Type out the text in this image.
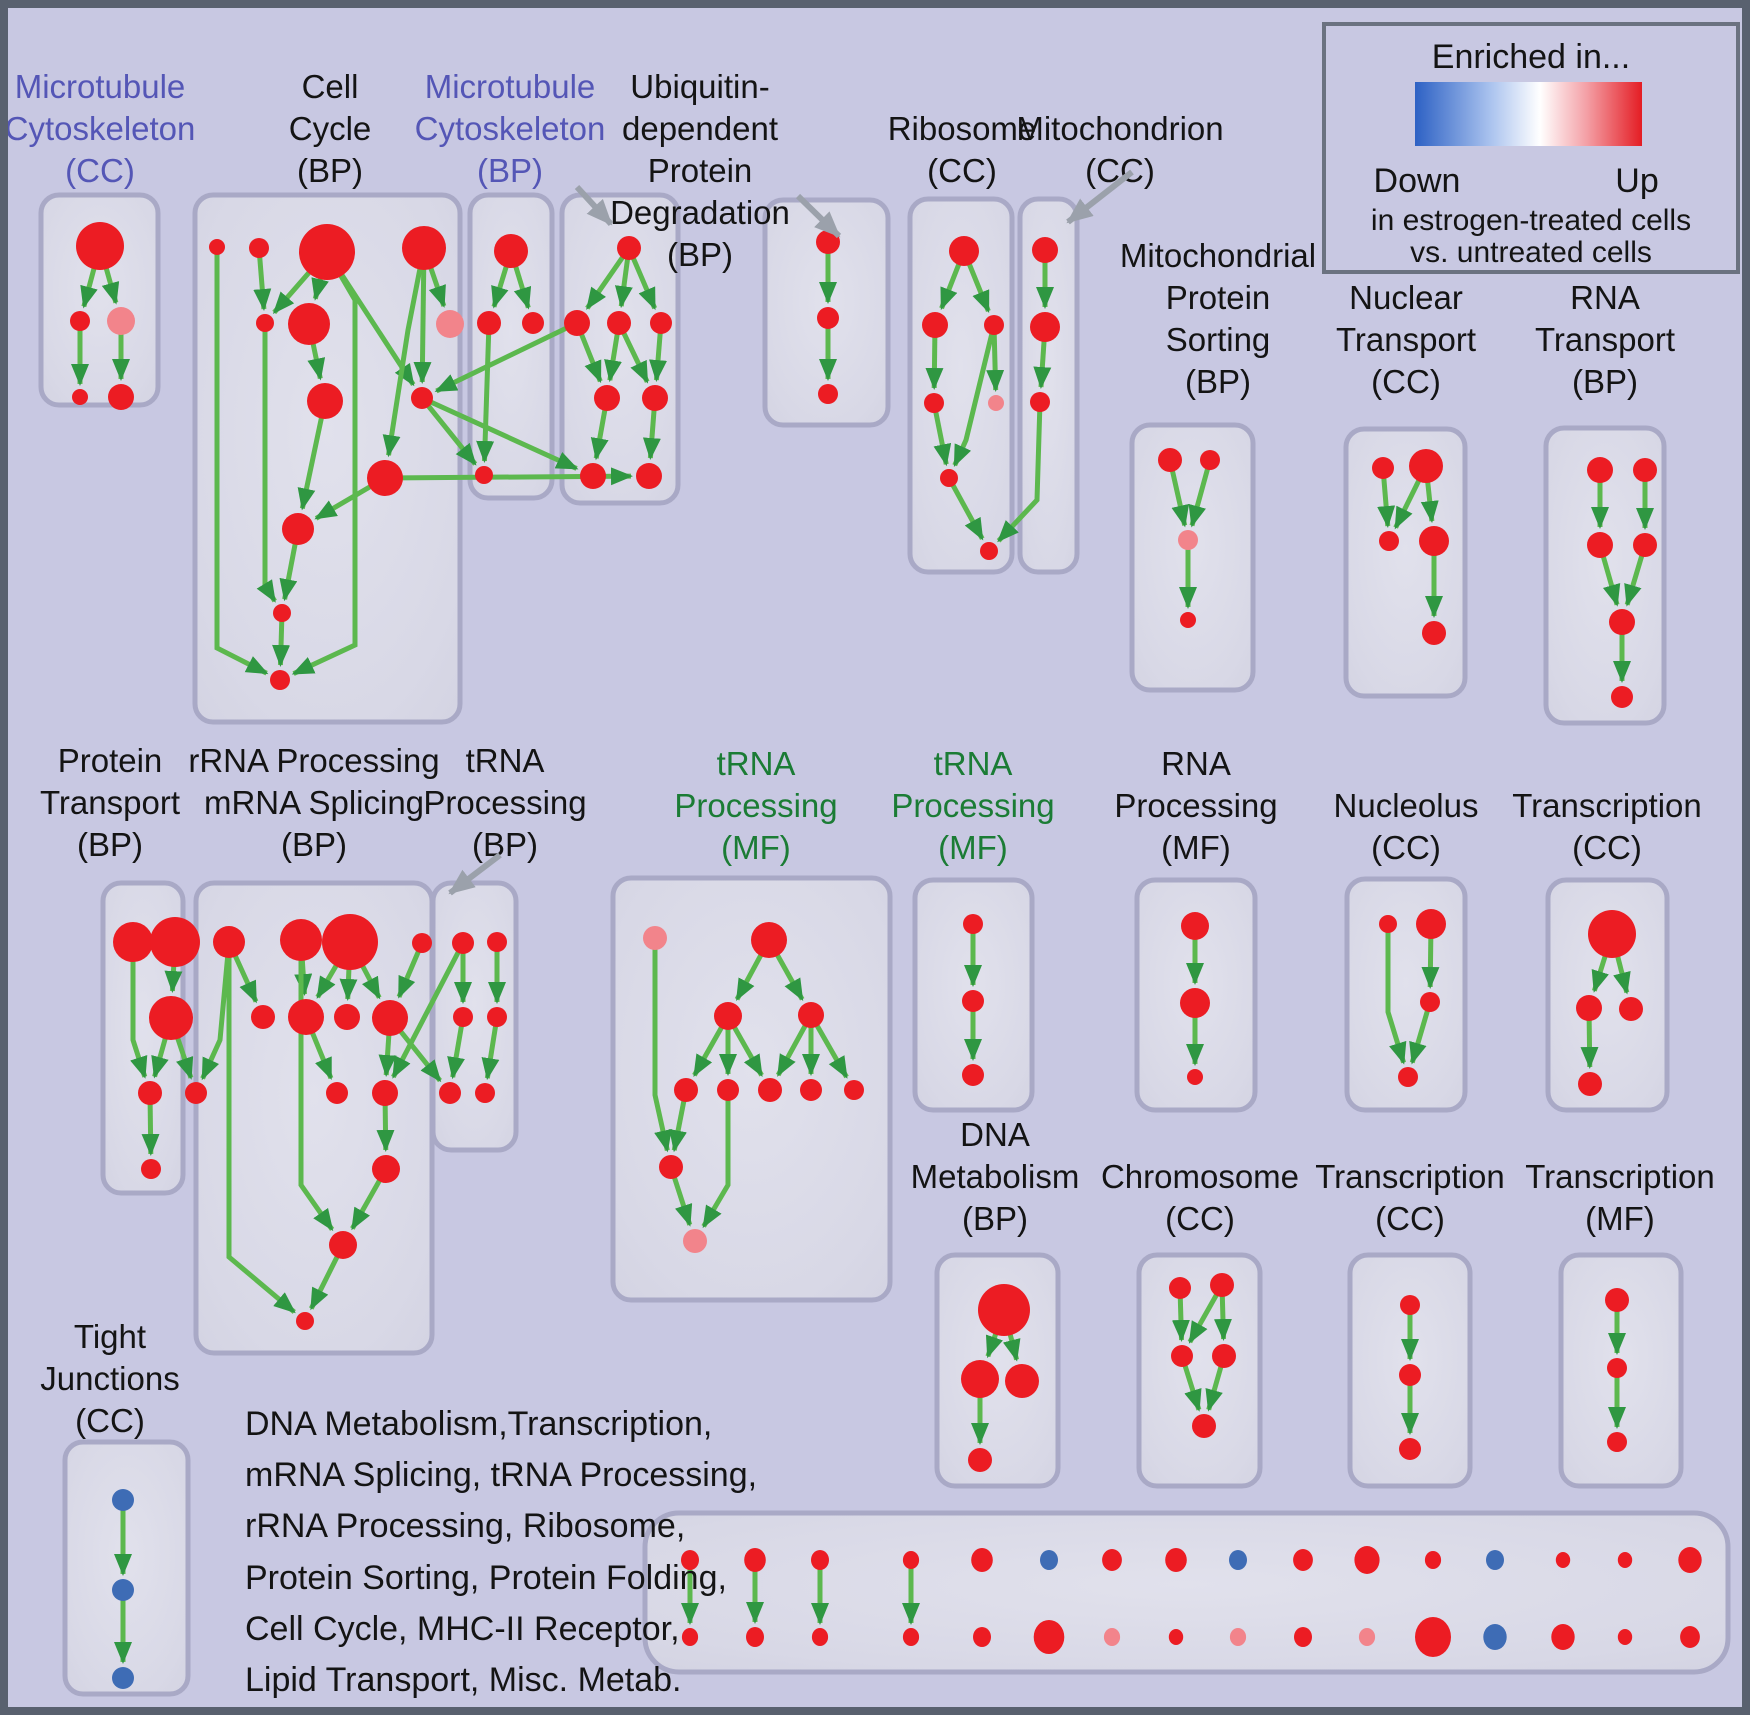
Microtubule
Cytoskeleton
(CC)
Cell
Cycle
(BP)
Microtubule
Cytoskeleton
(BP)
Ubiquitin-
dependent
Protein
Degradation
(BP)
Ribosome
(CC)
Mitochondrion
(CC)
Mitochondrial
Protein
Sorting
(BP)
Nuclear
Transport
(CC)
RNA
Transport
(BP)
Protein
Transport
(BP)
rRNA Processing
mRNA Splicing
(BP)
tRNA
Processing
(BP)
tRNA
Processing
(MF)
tRNA
Processing
(MF)
RNA
Processing
(MF)
Nucleolus
(CC)
Transcription
(CC)
DNA
Metabolism
(BP)
Chromosome
(CC)
Transcription
(CC)
Transcription
(MF)
Tight
Junctions
(CC)	DNA Metabolism,Transcription,
mRNA Splicing, tRNA Processing,
rRNA Processing, Ribosome,
Protein Sorting, Protein Folding,
Cell Cycle, MHC-II Receptor,
Lipid Transport, Misc. Metab.
Enriched in...
Down	Up
in estrogen-treated cells
vs. untreated cells
